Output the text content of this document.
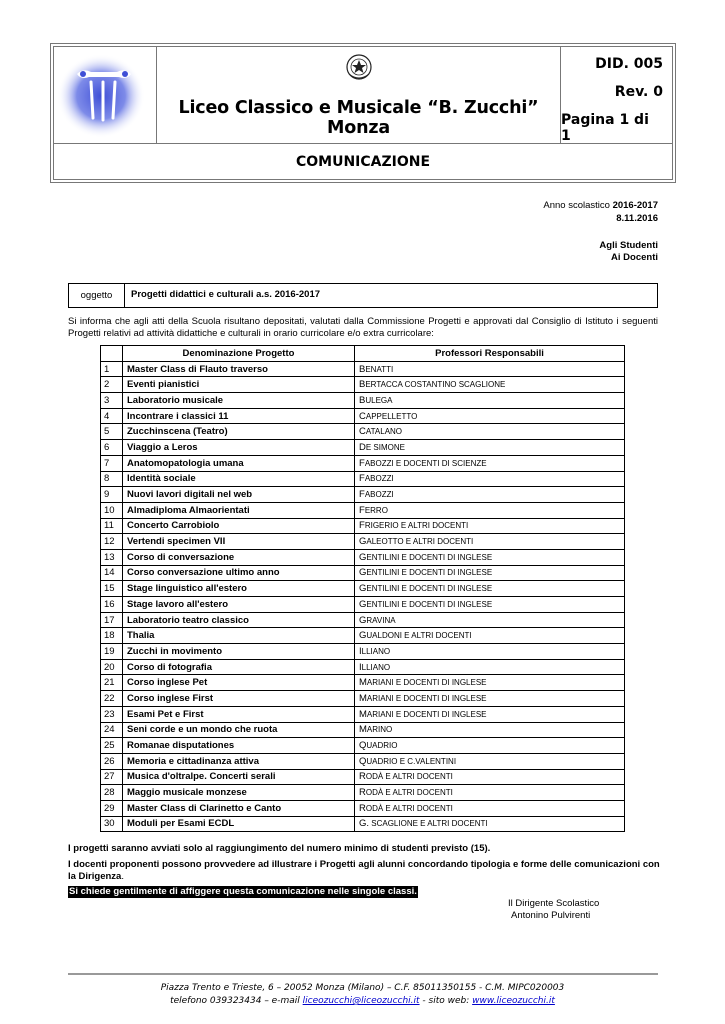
Liceo Classico e Musicale “B. Zucchi” Monza
DID. 005
Rev. 0
Pagina 1 di 1
COMUNICAZIONE
Anno scolastico 2016-2017
8.11.2016
Agli Studenti
Ai Docenti
oggetto	Progetti didattici e culturali a.s. 2016-2017
Si informa che agli atti della Scuola risultano depositati, valutati dalla Commissione Progetti e approvati dal Consiglio di Istituto i seguenti Progetti relativi ad attività didattiche e culturali in orario curricolare e/o extra curricolare:
	Denominazione Progetto	Professori Responsabili
1	Master Class di Flauto traverso	BENATTI
2	Eventi pianistici	BERTACCA COSTANTINO SCAGLIONE
3	Laboratorio musicale	BULEGA
4	Incontrare i classici 11	CAPPELLETTO
5	Zucchinscena (Teatro)	CATALANO
6	Viaggio a Leros	DE SIMONE
7	Anatomopatologia umana	FABOZZI E DOCENTI DI SCIENZE
8	Identità sociale	FABOZZI
9	Nuovi lavori digitali nel web	FABOZZI
10	Almadiploma Almaorientati	FERRO
11	Concerto Carrobiolo	FRIGERIO E ALTRI DOCENTI
12	Vertendi specimen VII	GALEOTTO E ALTRI DOCENTI
13	Corso di conversazione	GENTILINI E DOCENTI DI INGLESE
14	Corso conversazione ultimo anno	GENTILINI E DOCENTI DI INGLESE
15	Stage linguistico all'estero	GENTILINI E DOCENTI DI INGLESE
16	Stage lavoro all'estero	GENTILINI E DOCENTI DI INGLESE
17	Laboratorio teatro classico	GRAVINA
18	Thalia	GUALDONI E ALTRI DOCENTI
19	Zucchi in movimento	ILLIANO
20	Corso di fotografia	ILLIANO
21	Corso inglese Pet	MARIANI E DOCENTI DI INGLESE
22	Corso inglese First	MARIANI E DOCENTI DI INGLESE
23	Esami Pet e First	MARIANI E DOCENTI DI INGLESE
24	Seni corde e un mondo che ruota	MARINO
25	Romanae disputationes	QUADRIO
26	Memoria e cittadinanza attiva	QUADRIO E C.VALENTINI
27	Musica d'oltralpe. Concerti serali	RODÀ E ALTRI DOCENTI
28	Maggio musicale monzese	RODÀ E ALTRI DOCENTI
29	Master Class di Clarinetto e Canto	RODÀ E ALTRI DOCENTI
30	Moduli per Esami ECDL	G. SCAGLIONE E ALTRI DOCENTI
I progetti saranno avviati solo al raggiungimento del numero minimo di studenti previsto (15).
I docenti proponenti possono provvedere ad illustrare i Progetti agli alunni concordando tipologia e forme delle comunicazioni con la Dirigenza.
Si chiede gentilmente di affiggere questa comunicazione nelle singole classi.
Il Dirigente Scolastico
Antonino Pulvirenti
Piazza Trento e Trieste, 6 – 20052 Monza (Milano) – C.F. 85011350155 - C.M. MIPC020003
telefono 039323434 – e-mail liceozucchi@liceozucchi.it - sito web: www.liceozucchi.it
